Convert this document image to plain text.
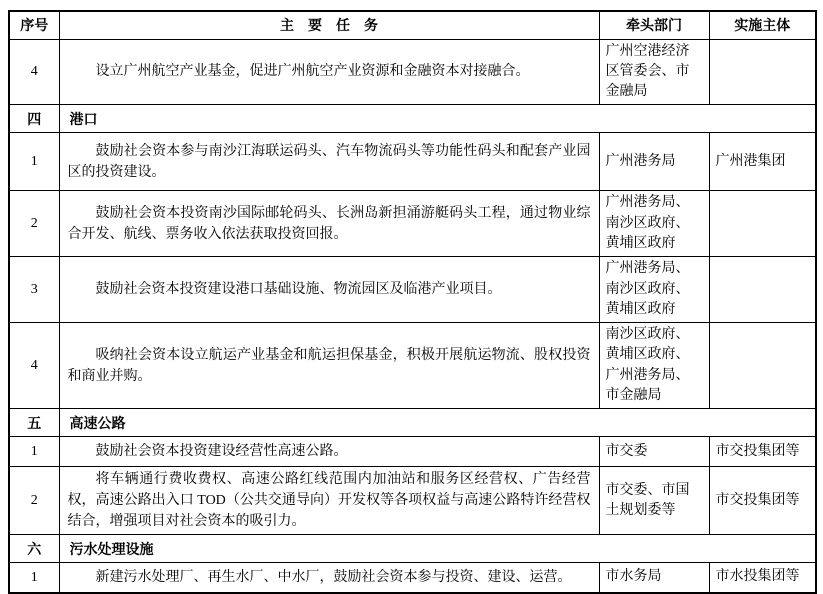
序号	主　要　任　务	牵头部门	实施主体
4	设立广州航空产业基金，促进广州航空产业资源和金融资本对接融合。	广州空港经济区管委会、市金融局	
四	港口		
1	鼓励社会资本参与南沙江海联运码头、汽车物流码头等功能性码头和配套产业园区的投资建设。	广州港务局	广州港集团
2	鼓励社会资本投资南沙国际邮轮码头、长洲岛新担涌游艇码头工程，通过物业综合开发、航线、票务收入依法获取投资回报。	广州港务局、南沙区政府、黄埔区政府	
3	鼓励社会资本投资建设港口基础设施、物流园区及临港产业项目。	广州港务局、南沙区政府、黄埔区政府	
4	吸纳社会资本设立航运产业基金和航运担保基金，积极开展航运物流、股权投资和商业并购。	南沙区政府、黄埔区政府、广州港务局、市金融局	
五	高速公路		
1	鼓励社会资本投资建设经营性高速公路。	市交委	市交投集团等
2	将车辆通行费收费权、高速公路红线范围内加油站和服务区经营权、广告经营权，高速公路出入口 TOD（公共交通导向）开发权等各项权益与高速公路特许经营权结合，增强项目对社会资本的吸引力。	市交委、市国土规划委等	市交投集团等
六	污水处理设施		
1	新建污水处理厂、再生水厂、中水厂，鼓励社会资本参与投资、建设、运营。	市水务局	市水投集团等
